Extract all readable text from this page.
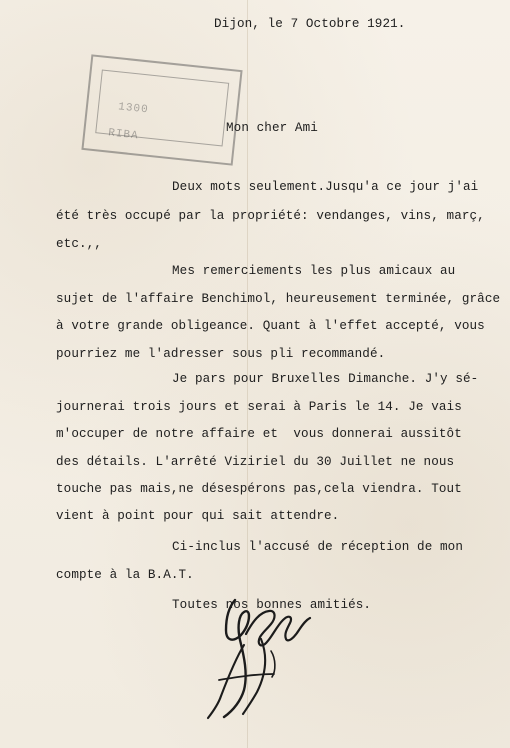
Dijon, le 7 Octobre 1921.
1300
RIBA	Mon cher Ami
Deux mots seulement.Jusqu'a ce jour j'ai
été très occupé par la propriété: vendanges, vins, març,
etc.,,
Mes remerciements les plus amicaux au
sujet de l'affaire Benchimol, heureusement terminée, grâce
à votre grande obligeance. Quant à l'effet accepté, vous
pourriez me l'adresser sous pli recommandé.
Je pars pour Bruxelles Dimanche. J'y sé-
journerai trois jours et serai à Paris le 14. Je vais
m'occuper de notre affaire et  vous donnerai aussitôt
des détails. L'arrêté Viziriel du 30 Juillet ne nous
touche pas mais,ne désespérons pas,cela viendra. Tout
vient à point pour qui sait attendre.
Ci-inclus l'accusé de réception de mon
compte à la B.A.T.
Toutes nos bonnes amitiés.
